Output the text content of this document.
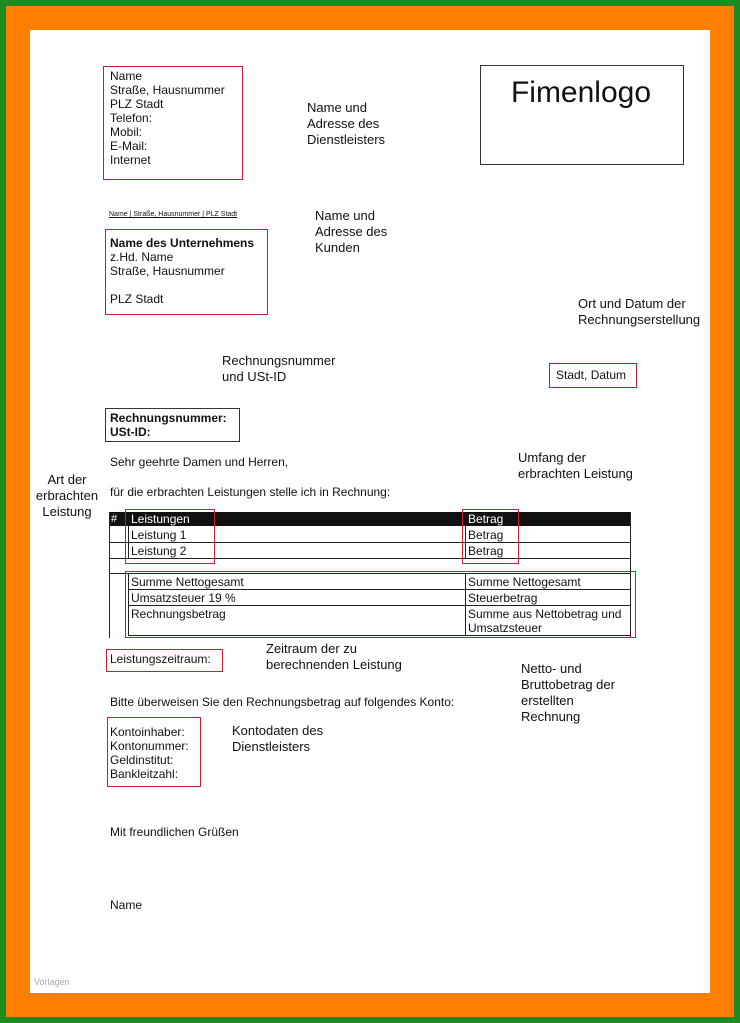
Name
Straße, Hausnummer
PLZ Stadt
Telefon:
Mobil:
E-Mail:
Internet
Fimenlogo
Name und Adresse des Dienstleisters
Name und Adresse des Kunden
Ort und Datum der Rechnungserstellung
Rechnungsnummer und USt-ID
Umfang der erbrachten Leistung
Art der erbrachten Leistung
Zeitraum der zu berechnenden Leistung	Netto- und Bruttobetrag der erstellten Rechnung
Kontodaten des Dienstleisters
Name | Straße, Hausnummer | PLZ Stadt
Name des Unternehmens
z.Hd. Name
Straße, Hausnummer
PLZ Stadt
Stadt, Datum
Rechnungsnummer:
USt-ID:
Sehr geehrte Damen und Herren,
für die erbrachten Leistungen stelle ich in Rechnung:
# Leistungen	Betrag
Leistung 1	Betrag
Leistung 2	Betrag
Summe Nettogesamt	Summe Nettogesamt
Umsatzsteuer 19 %	Steuerbetrag
Rechnungsbetrag	Summe aus Nettobetrag und Umsatzsteuer
Leistungszeitraum:
Bitte überweisen Sie den Rechnungsbetrag auf folgendes Konto:
Kontoinhaber:
Kontonummer:
Geldinstitut:
Bankleitzahl:
Mit freundlichen Grüßen
Name
Vorlagen
